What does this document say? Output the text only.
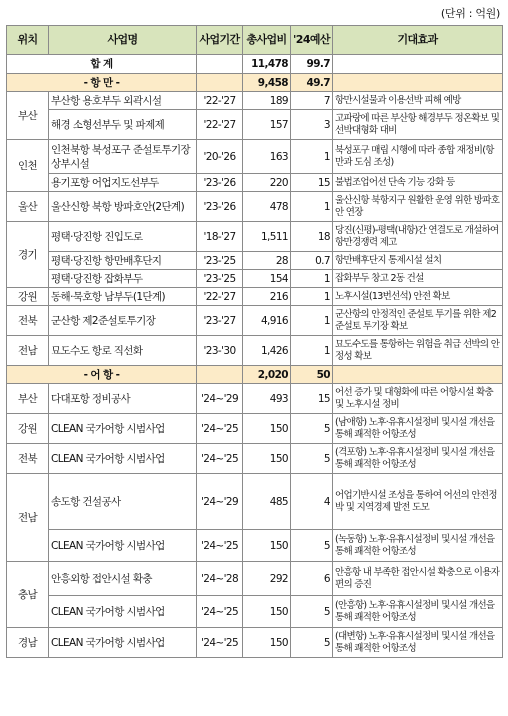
(단위 : 억원)
위치	사업명	사업기간	총사업비	'24예산	기대효과
합 계			11,478	99.7	
- 항 만 -			9,458	49.7	
부산	부산항 용호부두 외곽시설	'22-'27	189	7	항만시설물과 이용선박 피해 예방
	해경 소형선부두 및 파제제	'22-'27	157	3	고파랑에 따른 부산항 해경부두 정온확보 및 선박대형화 대비
인천	인천북항 북성포구 준설토투기장 상부시설	'20-'26	163	1	북성포구 매립 시행에 따라 종합 재정비(항만과 도심 조성)
	용기포항 어업지도선부두	'23-'26	220	15	불법조업어선 단속 기능 강화 등
울산	울산신항 북항 방파호안(2단계)	'23-'26	478	1	울산신항 북항지구 원활한 운영 위한 방파호안 연장
경기	평택·당진항 진입도로	'18-'27	1,511	18	당진(신평)-평택(내항)간 연결도로 개설하여 항만경쟁력 제고
	평택·당진항 항만배후단지	'23-'25	28	0.7	항만배후단지 통제시설 설치
	평택·당진항 잡화부두	'23-'25	154	1	잡화부두 창고 2동 건설
강원	동해·묵호항 남부두(1단계)	'22-'27	216	1	노후시설(13번선석) 안전 확보
전북	군산항 제2준설토투기장	'23-'27	4,916	1	군산항의 안정적인 준설토 투기를 위한 제2준설토 투기장 확보
전남	묘도수도 항로 직선화	'23-'30	1,426	1	묘도수도를 통항하는 위험을 취급 선박의 안정성 확보
- 어 항 -			2,020	50	
부산	다대포항 정비공사	'24~'29	493	15	어선 증가 및 대형화에 따른 어항시설 확충 및 노후시설 정비
강원	CLEAN 국가어항 시범사업	'24~'25	150	5	(남애항) 노후·유휴시설정비 및시설 개선을 통해 쾌적한 어항조성
전북	CLEAN 국가어항 시범사업	'24~'25	150	5	(격포항) 노후·유휴시설정비 및시설 개선을 통해 쾌적한 어항조성
전남	송도항 건설공사	'24~'29	485	4	어업기반시설 조성을 통하여 어선의 안전정박 및 지역경제 발전 도모
	CLEAN 국가어항 시범사업	'24~'25	150	5	(녹동항) 노후·유휴시설정비 및시설 개선을 통해 쾌적한 어항조성
충남	안흥외항 접안시설 확충	'24~'28	292	6	안흥항 내 부족한 접안시설 확충으로 이용자 편의 증진
	CLEAN 국가어항 시범사업	'24~'25	150	5	(안흥항) 노후·유휴시설정비 및시설 개선을 통해 쾌적한 어항조성
경남	CLEAN 국가어항 시범사업	'24~'25	150	5	(대변항) 노후·유휴시설정비 및시설 개선을 통해 쾌적한 어항조성
